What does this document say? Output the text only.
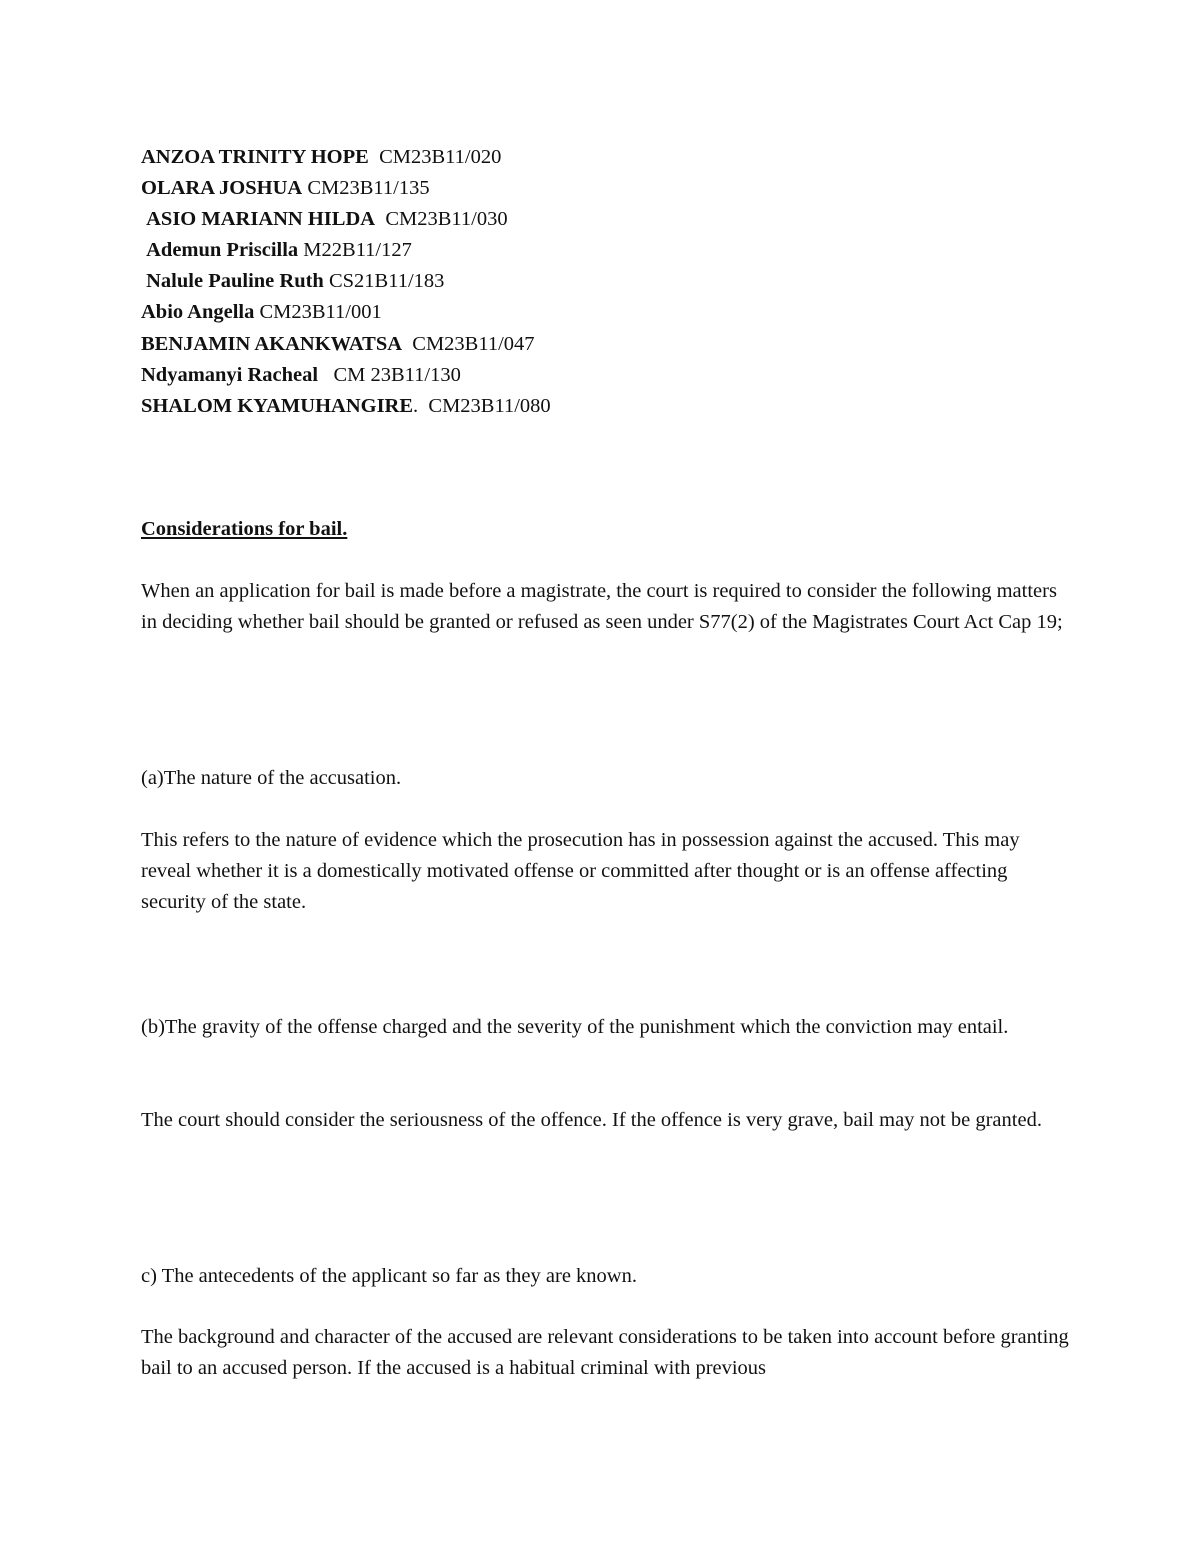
ANZOA TRINITY HOPE CM23B11/020
OLARA JOSHUA CM23B11/135
ASIO MARIANN HILDA CM23B11/030
Ademun Priscilla M22B11/127
Nalule Pauline Ruth CS21B11/183
Abio Angella CM23B11/001
BENJAMIN AKANKWATSA CM23B11/047
Ndyamanyi Racheal CM 23B11/130
SHALOM KYAMUHANGIRE.  CM23B11/080
Considerations for bail.

When an application for bail is made before a magistrate, the court is required to consider the following matters in deciding whether bail should be granted or refused as seen under S77(2) of the Magistrates Court Act Cap 19;

(a)The nature of the accusation.

This refers to the nature of evidence which the prosecution has in possession against the accused. This may reveal whether it is a domestically motivated offense or committed after thought or is an offense affecting security of the state.

(b)The gravity of the offense charged and the severity of the punishment which the conviction may entail.

The court should consider the seriousness of the offence. If the offence is very grave, bail may not be granted.

c) The antecedents of the applicant so far as they are known.

The background and character of the accused are relevant considerations to be taken into account before granting bail to an accused person. If the accused is a habitual criminal with previous
